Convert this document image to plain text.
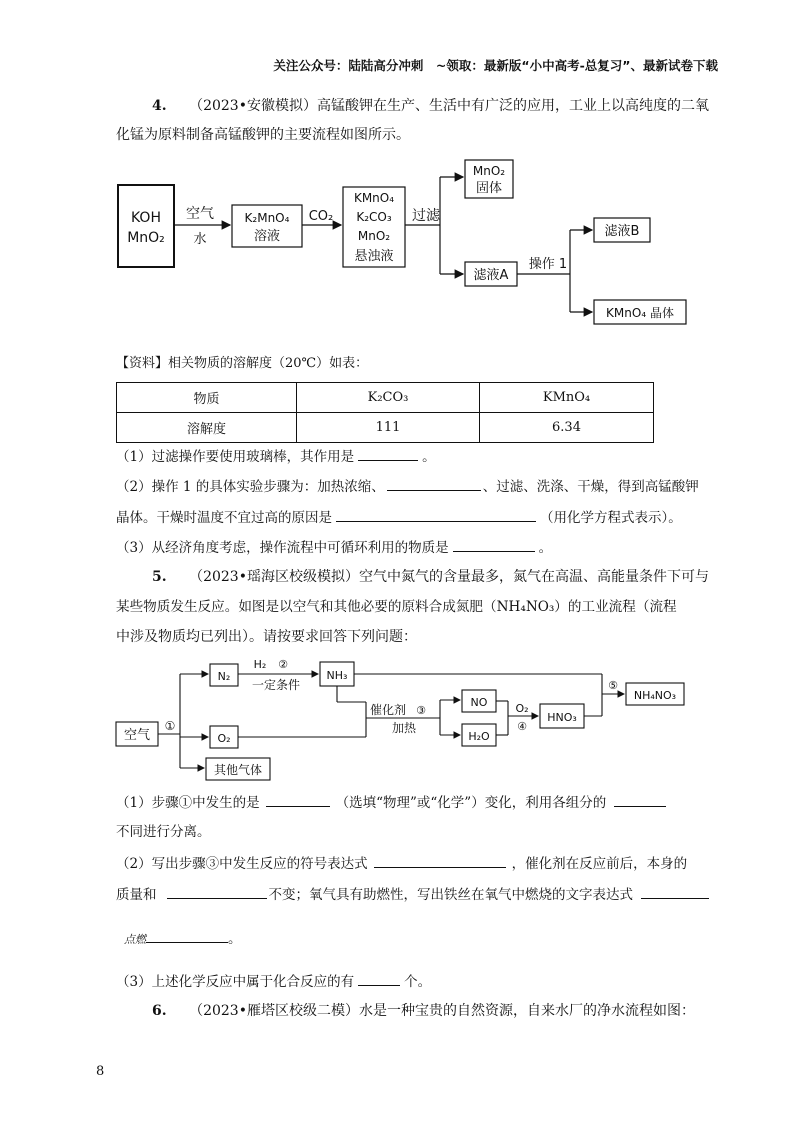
关注公众号：陆陆高分冲刺　~领取：最新版“小中高考-总复习”、最新试卷下载
4. （2023•安徽模拟）高锰酸钾在生产、生活中有广泛的应用，工业上以高纯度的二氧
化锰为原料制备高锰酸钾的主要流程如图所示。
KOH
MnO₂
空气
水
K₂MnO₄
溶液
CO₂
KMnO₄
K₂CO₃
MnO₂
悬浊液
过滤
MnO₂
固体
滤液A
操作 1
滤液B
KMnO₄ 晶体
【资料】相关物质的溶解度（20℃）如表：
物质	K₂CO₃	KMnO₄
溶解度	111	6.34
（1）过滤操作要使用玻璃棒，其作用是	。
（2）操作 1 的具体实验步骤为：加热浓缩、	、过滤、洗涤、干燥，得到高锰酸钾
晶体。干燥时温度不宜过高的原因是	（用化学方程式表示）。
（3）从经济角度考虑，操作流程中可循环利用的物质是	。
5. （2023•瑶海区校级模拟）空气中氮气的含量最多，氮气在高温、高能量条件下可与
某些物质发生反应。如图是以空气和其他必要的原料合成氮肥（NH₄NO₃）的工业流程（流程
中涉及物质均已列出）。请按要求回答下列问题：
空气
①
N₂
H₂ ②
一定条件
NH₃
O₂
其他气体
催化剂 ③
加热
NO
H₂O
O₂
④
HNO₃
⑤
NH₄NO₃
（1）步骤①中发生的是	（选填“物理”或“化学”）变化，利用各组分的
不同进行分离。
（2）写出步骤③中发生反应的符号表达式	，催化剂在反应前后，本身的
质量和	不变；氧气具有助燃性，写出铁丝在氧气中燃烧的文字表达式
点燃	。
（3）上述化学反应中属于化合反应的有	个。
6. （2023•雁塔区校级二模）水是一种宝贵的自然资源，自来水厂的净水流程如图：
8
